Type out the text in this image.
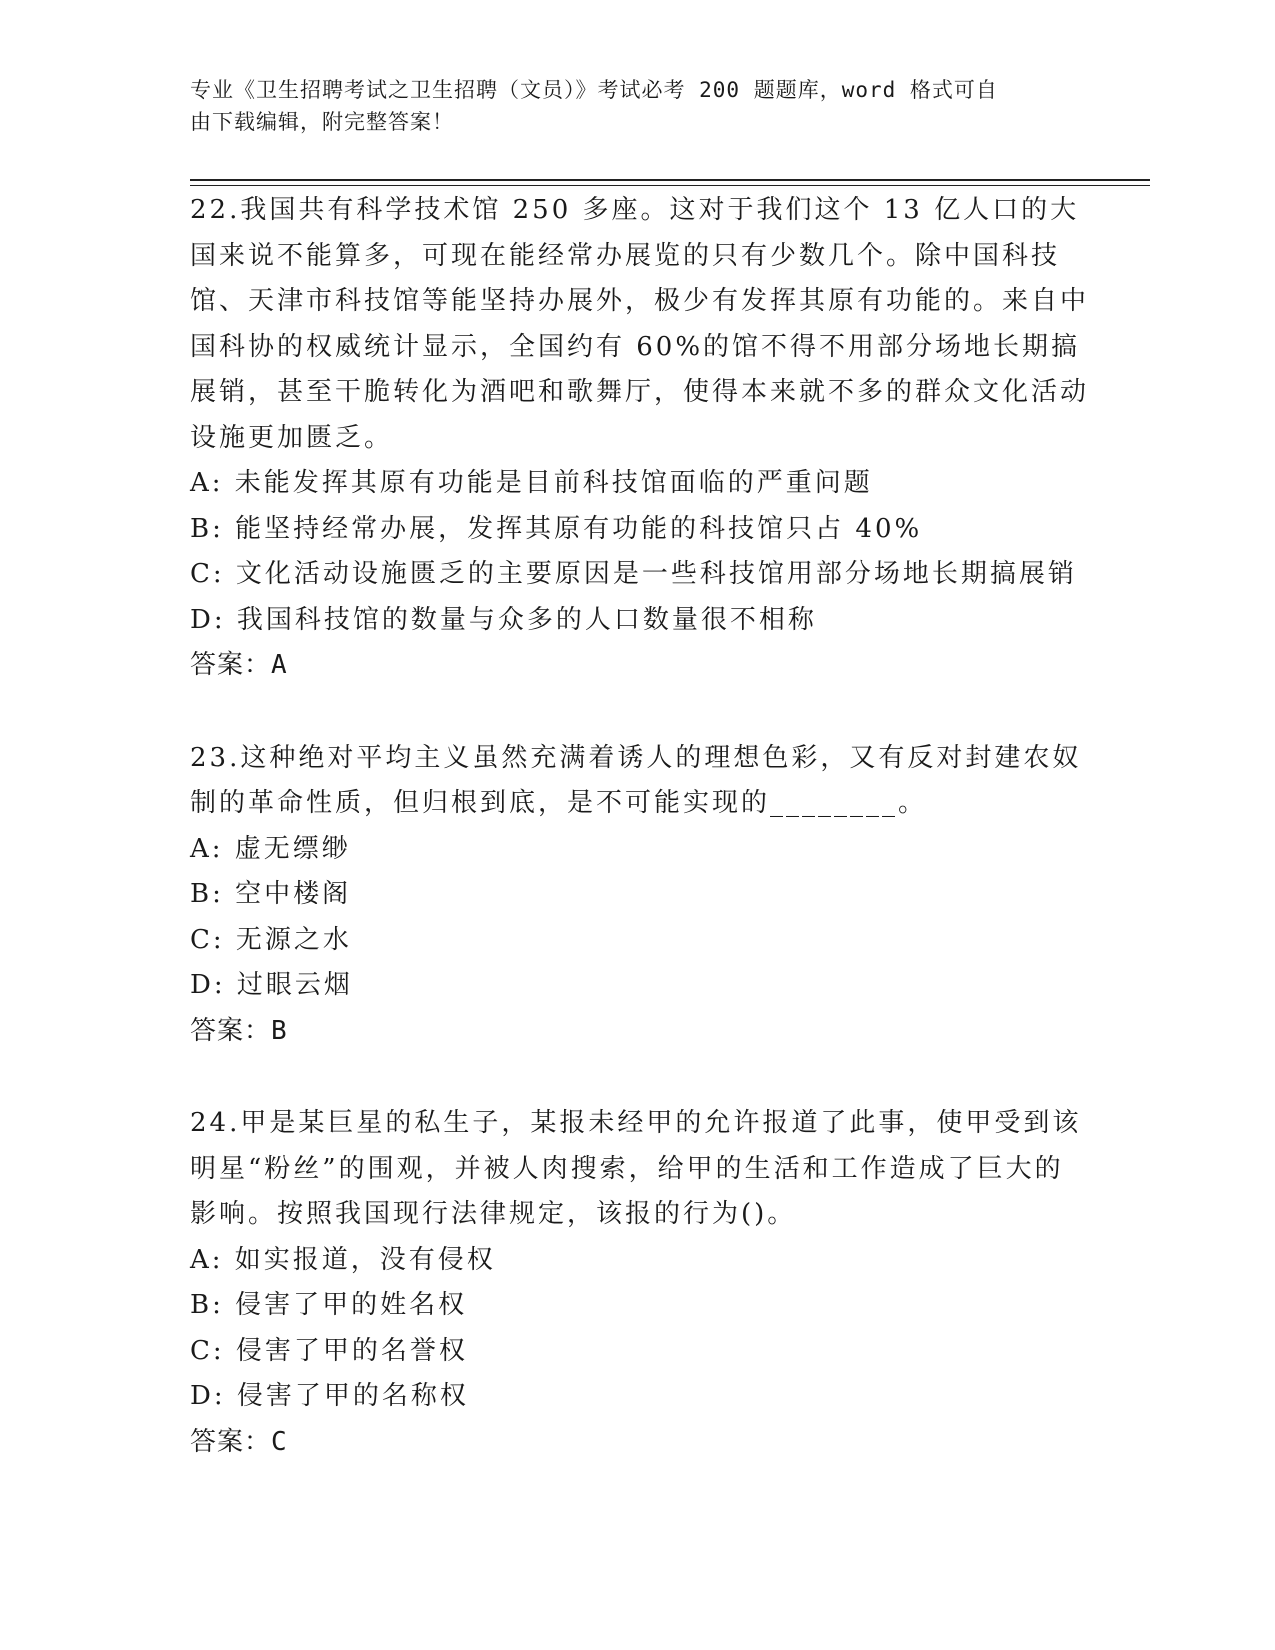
专业《卫生招聘考试之卫生招聘（文员）》考试必考 200 题题库，word 格式可自

由下载编辑，附完整答案！

22.我国共有科学技术馆 250 多座。这对于我们这个 13 亿人口的大国来说不能算多，可现在能经常办展览的只有少数几个。除中国科技馆、天津市科技馆等能坚持办展外，极少有发挥其原有功能的。来自中国科协的权威统计显示，全国约有 60%的馆不得不用部分场地长期搞展销，甚至干脆转化为酒吧和歌舞厅，使得本来就不多的群众文化活动设施更加匮乏。

A: 未能发挥其原有功能是目前科技馆面临的严重问题
B: 能坚持经常办展，发挥其原有功能的科技馆只占 40%
C: 文化活动设施匮乏的主要原因是一些科技馆用部分场地长期搞展销
D: 我国科技馆的数量与众多的人口数量很不相称

答案：A

23.这种绝对平均主义虽然充满着诱人的理想色彩，又有反对封建农奴制的革命性质，但归根到底，是不可能实现的________。

A: 虚无缥缈
B: 空中楼阁
C: 无源之水
D: 过眼云烟

答案：B

24.甲是某巨星的私生子，某报未经甲的允许报道了此事，使甲受到该明星“粉丝”的围观，并被人肉搜索，给甲的生活和工作造成了巨大的影响。按照我国现行法律规定，该报的行为()。

A: 如实报道，没有侵权
B: 侵害了甲的姓名权
C: 侵害了甲的名誉权
D: 侵害了甲的名称权

答案：C
